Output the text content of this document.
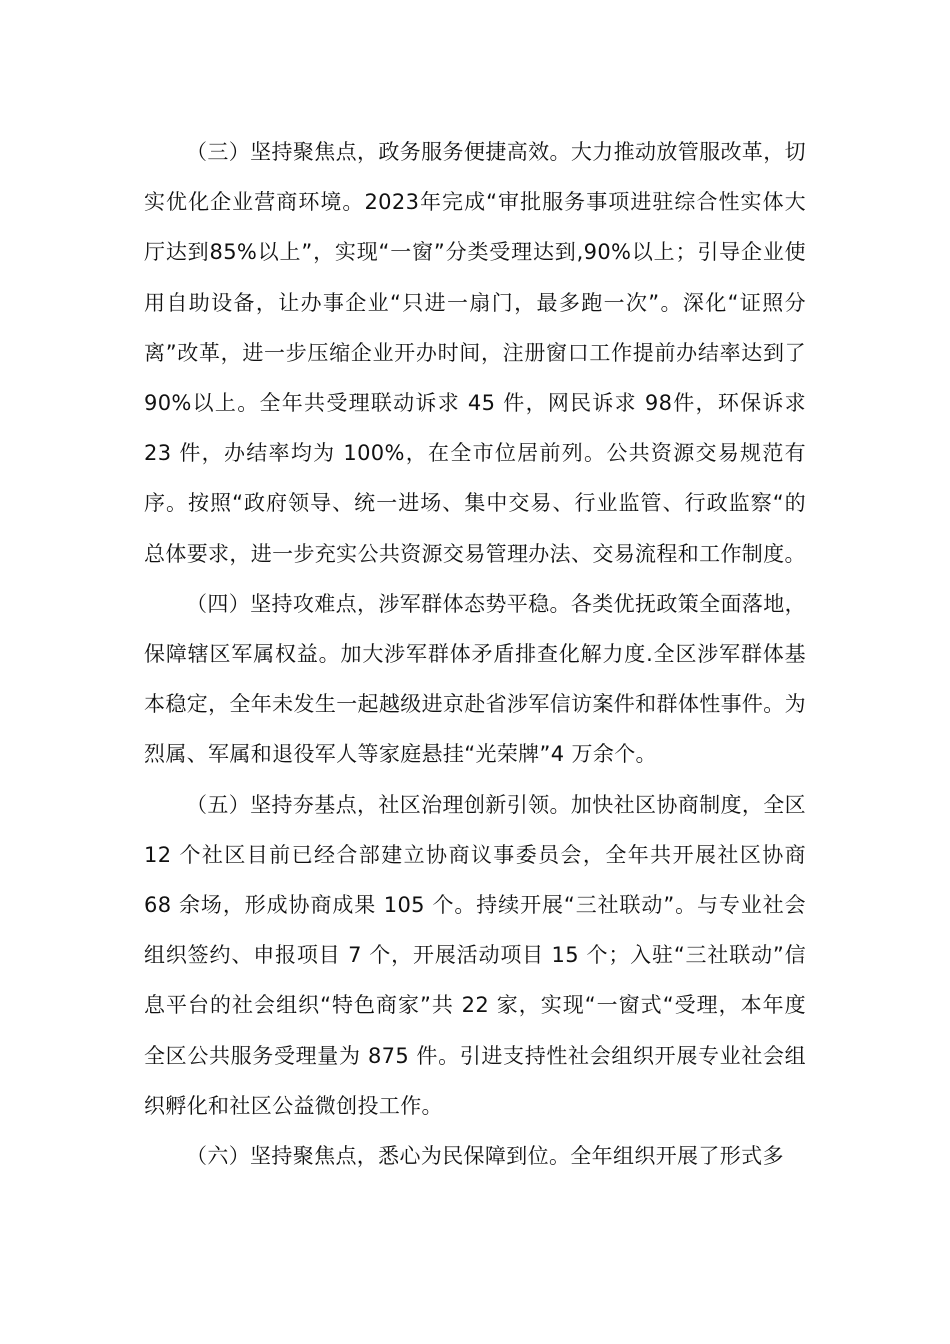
（三）坚持聚焦点，政务服务便捷高效。大力推动放管服改革，切实优化企业营商环境。2023年完成“审批服务事项进驻综合性实体大厅达到85%以上”，实现“一窗”分类受理达到,90%以上；引导企业使用自助设备，让办事企业“只进一扇门，最多跑一次”。深化“证照分离”改革，进一步压缩企业开办时间，注册窗口工作提前办结率达到了 90%以上。全年共受理联动诉求 45 件，网民诉求 98件，环保诉求 23 件，办结率均为 100%，在全市位居前列。公共资源交易规范有序。按照“政府领导、统一进场、集中交易、行业监管、行政监察“的总体要求，进一步充实公共资源交易管理办法、交易流程和工作制度。

（四）坚持攻难点，涉军群体态势平稳。各类优抚政策全面落地，保障辖区军属权益。加大涉军群体矛盾排查化解力度.全区涉军群体基本稳定，全年未发生一起越级进京赴省涉军信访案件和群体性事件。为烈属、军属和退役军人等家庭悬挂“光荣牌”4 万余个。

（五）坚持夯基点，社区治理创新引领。加快社区协商制度，全区 12 个社区目前已经合部建立协商议事委员会，全年共开展社区协商 68 余场，形成协商成果 105 个。持续开展“三社联动”。与专业社会组织签约、申报项目 7 个，开展活动项目 15 个；入驻“三社联动”信息平台的社会组织“特色商家”共 22 家，实现“一窗式“受理，本年度全区公共服务受理量为 875 件。引进支持性社会组织开展专业社会组织孵化和社区公益微创投工作。

（六）坚持聚焦点，悉心为民保障到位。全年组织开展了形式多
